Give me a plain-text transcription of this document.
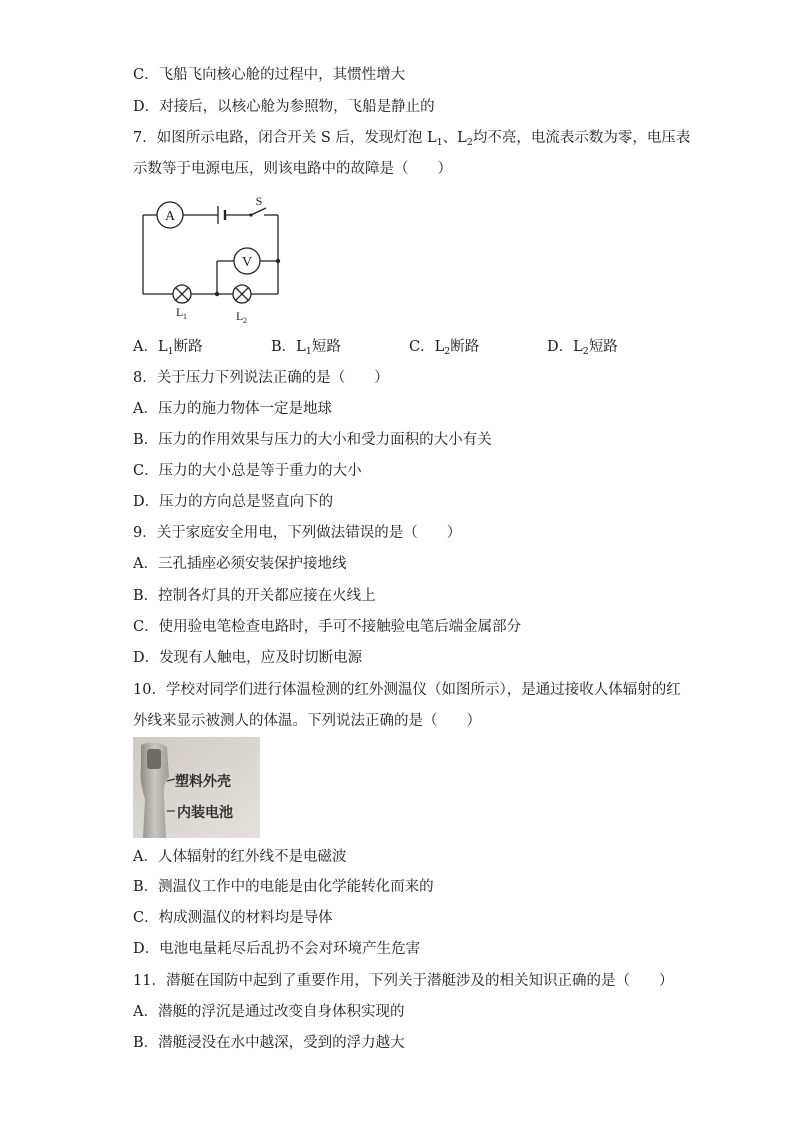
C．飞船飞向核心舱的过程中，其惯性增大
D．对接后，以核心舱为参照物，飞船是静止的
7．如图所示电路，闭合开关 S 后，发现灯泡 $L_1$、$L_2$均不亮，电流表示数为零，电压表
示数等于电源电压，则该电路中的故障是（　　）
A
V
S
L 1	L 2
A．$L_1$断路	B．$L_1$短路	C．$L_2$断路	D．$L_2$短路
8．关于压力下列说法正确的是（　　）
A．压力的施力物体一定是地球
B．压力的作用效果与压力的大小和受力面积的大小有关
C．压力的大小总是等于重力的大小
D．压力的方向总是竖直向下的
9．关于家庭安全用电，下列做法错误的是（　　）
A．三孔插座必须安装保护接地线
B．控制各灯具的开关都应接在火线上
C．使用验电笔检查电路时，手可不接触验电笔后端金属部分
D．发现有人触电，应及时切断电源
10．学校对同学们进行体温检测的红外测温仪（如图所示），是通过接收人体辐射的红
外线来显示被测人的体温。下列说法正确的是（　　）
塑料外壳
内装电池
A．人体辐射的红外线不是电磁波
B．测温仪工作中的电能是由化学能转化而来的
C．构成测温仪的材料均是导体
D．电池电量耗尽后乱扔不会对环境产生危害
11．潜艇在国防中起到了重要作用，下列关于潜艇涉及的相关知识正确的是（　　）
A．潜艇的浮沉是通过改变自身体积实现的
B．潜艇浸没在水中越深，受到的浮力越大
